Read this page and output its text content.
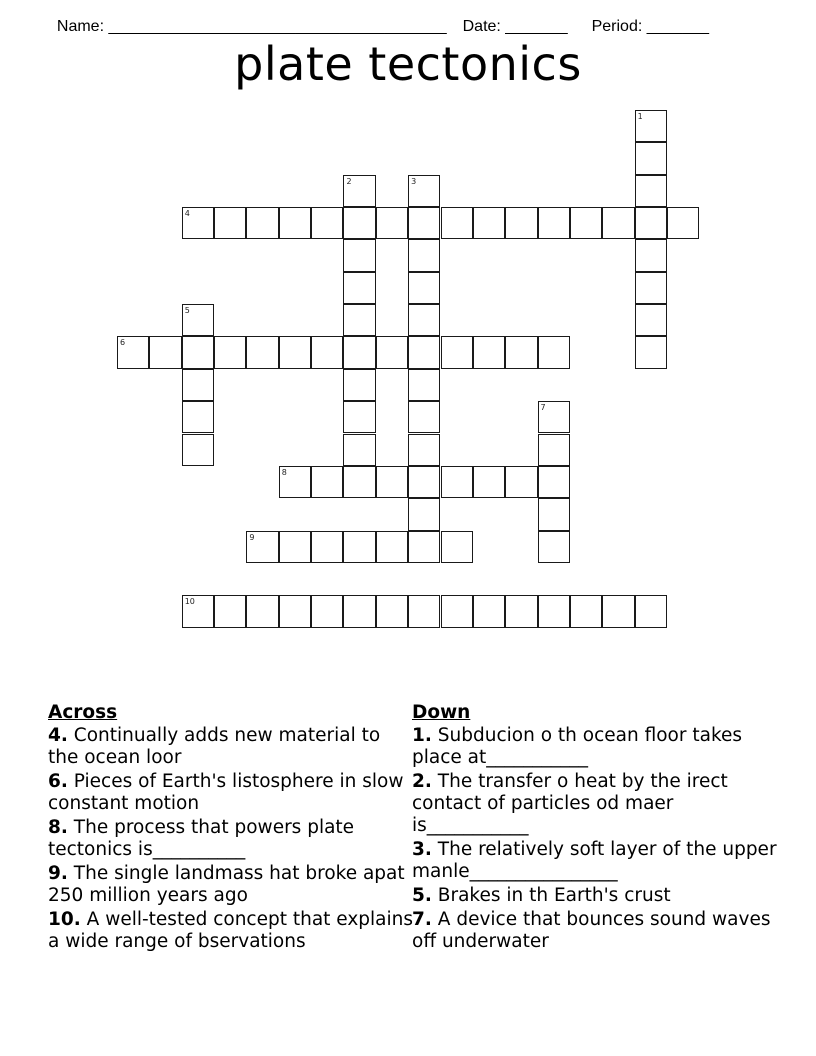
Name: ______________________________________ Date: _______ Period: _______

plate tectonics
1
2	3
4
5
6
7
8
9
10
Across
4. Continually adds new material to the ocean loor
6. Pieces of Earth's listosphere in slow constant motion
8. The process that powers plate tectonics is__________
9. The single landmass hat broke apat 250 million years ago
10. A well-tested concept that explains a wide range of bservations
Down
1. Subducion o th ocean floor takes place at___________
2. The transfer o heat by the irect contact of particles od maer is___________
3. The relatively soft layer of the upper manle________________
5. Brakes in th Earth's crust
7. A device that bounces sound waves off underwater
